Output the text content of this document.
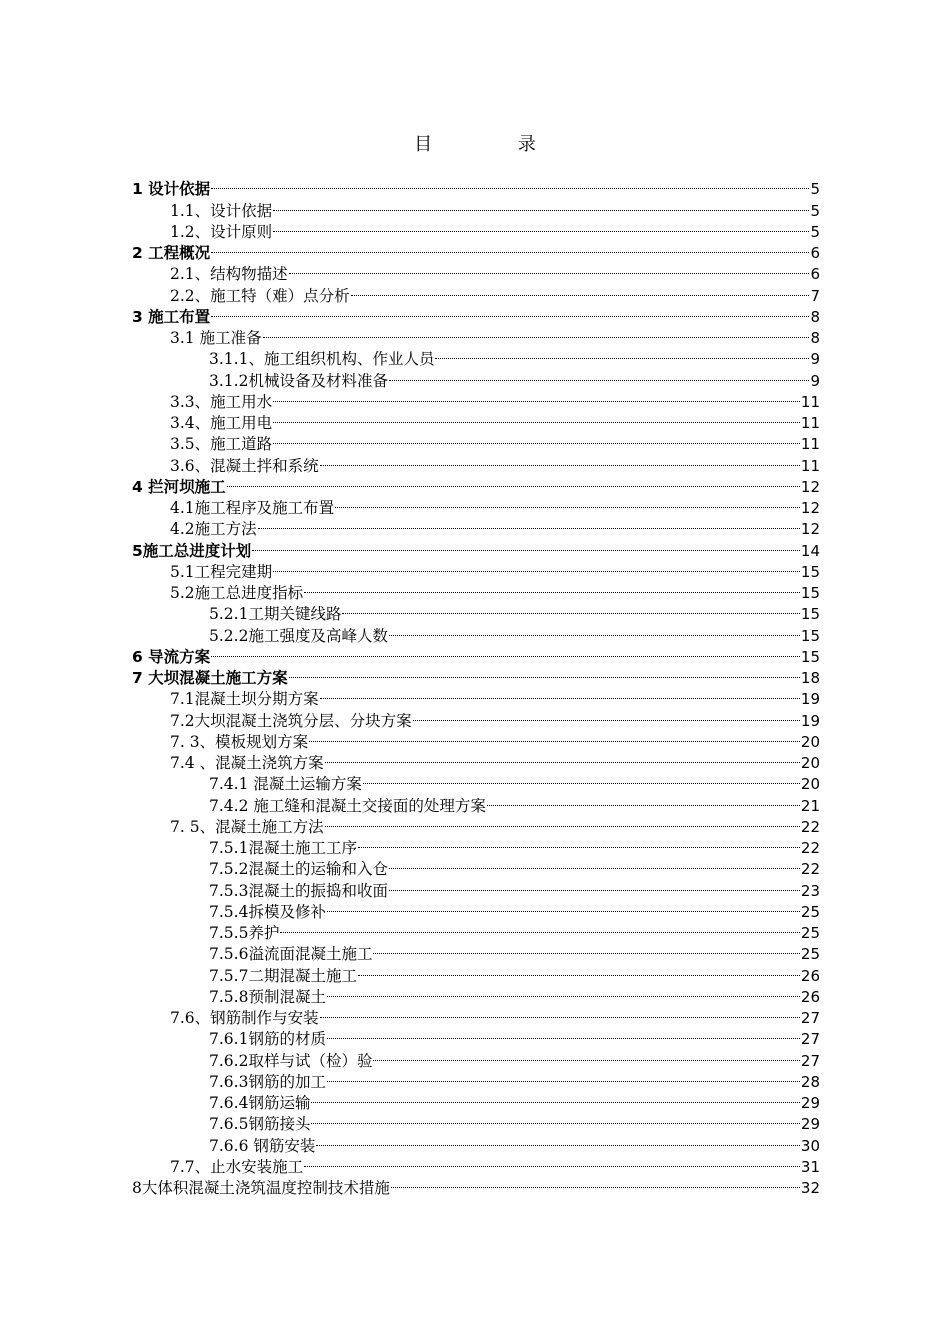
目 录
1 设计依据	5
1.1、设计依据	5
1.2、设计原则	5
2 工程概况	6
2.1、结构物描述	6
2.2、施工特（难）点分析	7
3 施工布置	8
3.1 施工准备	8
3.1.1、施工组织机构、作业人员	9
3.1.2机械设备及材料准备	9
3.3、施工用水	11
3.4、施工用电	11
3.5、施工道路	11
3.6、混凝土拌和系统	11
4 拦河坝施工	12
4.1施工程序及施工布置	12
4.2施工方法	12
5施工总进度计划	14
5.1工程完建期	15
5.2施工总进度指标	15
5.2.1工期关键线路	15
5.2.2施工强度及高峰人数	15
6 导流方案	15
7 大坝混凝土施工方案	18
7.1混凝土坝分期方案	19
7.2大坝混凝土浇筑分层、分块方案	19
7. 3、模板规划方案	20
7.4 、混凝土浇筑方案	20
7.4.1 混凝土运输方案	20
7.4.2 施工缝和混凝土交接面的处理方案	21
7. 5、混凝土施工方法	22
7.5.1混凝土施工工序	22
7.5.2混凝土的运输和入仓	22
7.5.3混凝土的振捣和收面	23
7.5.4拆模及修补	25
7.5.5养护	25
7.5.6溢流面混凝土施工	25
7.5.7二期混凝土施工	26
7.5.8预制混凝土	26
7.6、钢筋制作与安装	27
7.6.1钢筋的材质	27
7.6.2取样与试（检）验	27
7.6.3钢筋的加工	28
7.6.4钢筋运输	29
7.6.5钢筋接头	29
7.6.6 钢筋安装	30
7.7、止水安装施工	31
8大体积混凝土浇筑温度控制技术措施	32
